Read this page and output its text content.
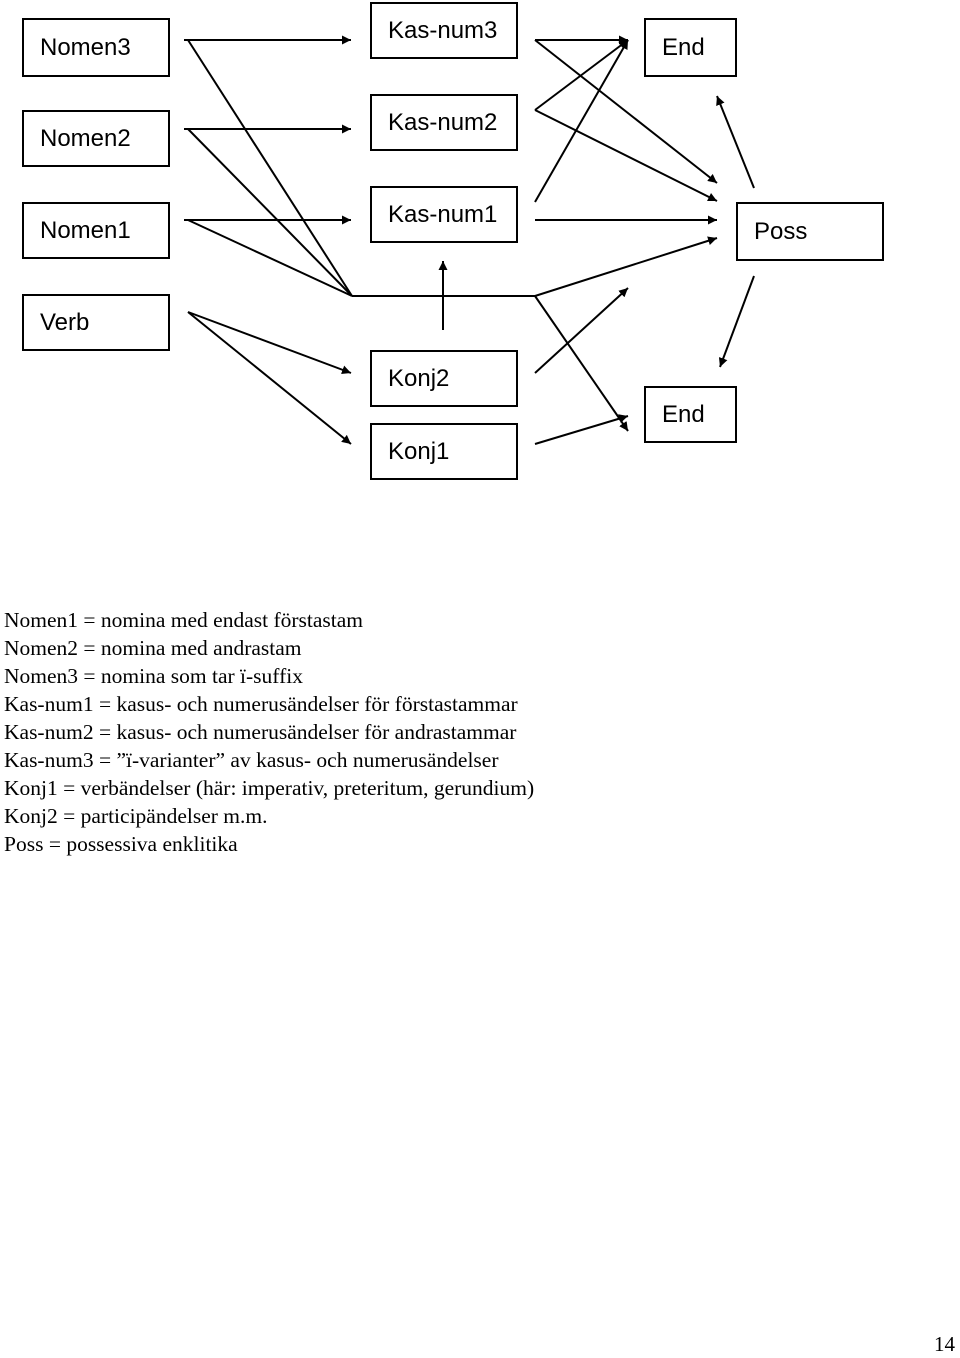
Nomen3
Nomen2
Nomen1
Verb
Kas-num3
Kas-num2
Kas-num1
Konj2
Konj1
End
End
Poss
Nomen1 = nomina med endast förstastam
Nomen2 = nomina med andrastam
Nomen3 = nomina som tar ï-suffix
Kas-num1 = kasus- och numerusändelser för förstastammar
Kas-num2 = kasus- och numerusändelser för andrastammar
Kas-num3 = ”ï-varianter” av kasus- och numerusändelser
Konj1 = verbändelser (här: imperativ, preteritum, gerundium)
Konj2 = participändelser m.m.
Poss = possessiva enklitika
14
